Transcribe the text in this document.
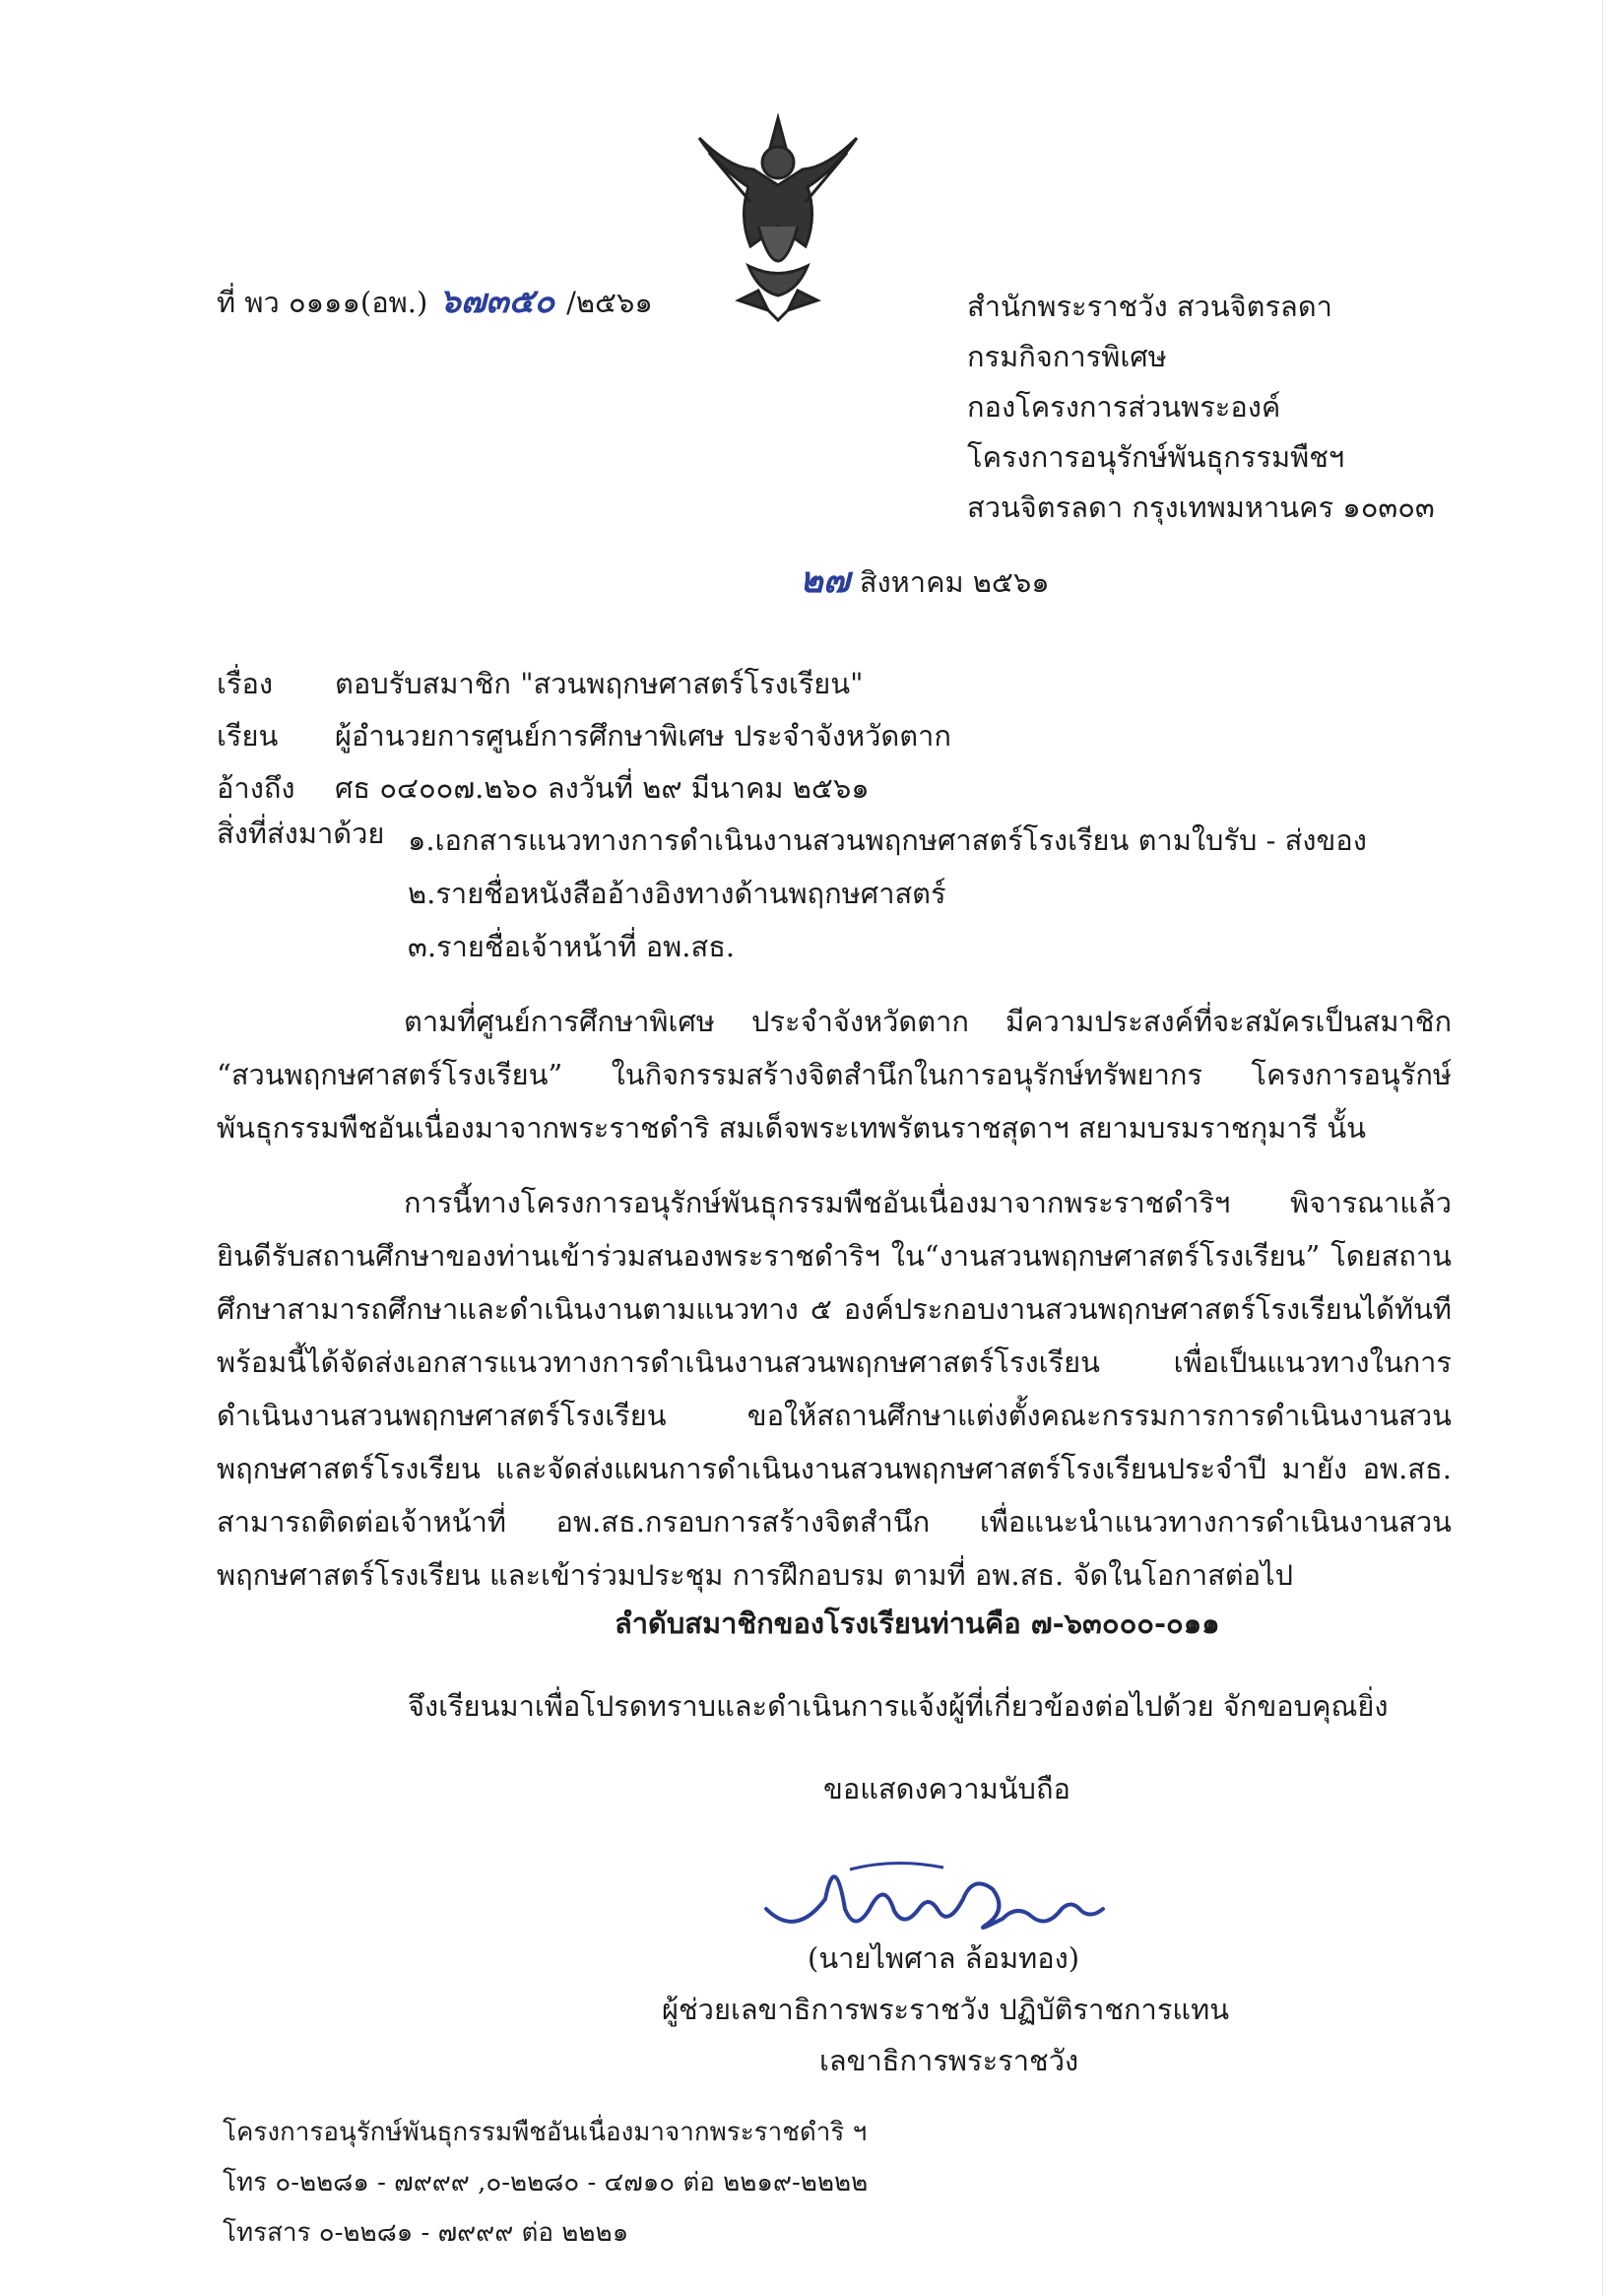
ที่ พว ๐๑๑๑(อพ.) ๖๗๓๕๐ /๒๕๖๑	สำนักพระราชวัง สวนจิตรลดา
กรมกิจการพิเศษ
กองโครงการส่วนพระองค์
โครงการอนุรักษ์พันธุกรรมพืชฯ
สวนจิตรลดา กรุงเทพมหานคร ๑๐๓๐๓
๒๗ สิงหาคม ๒๕๖๑
เรื่อง ตอบรับสมาชิก "สวนพฤกษศาสตร์โรงเรียน"
เรียน ผู้อำนวยการศูนย์การศึกษาพิเศษ ประจำจังหวัดตาก
อ้างถึง ศธ ๐๔๐๐๗.๒๖๐ ลงวันที่ ๒๙ มีนาคม ๒๕๖๑
สิ่งที่ส่งมาด้วย ๑.เอกสารแนวทางการดำเนินงานสวนพฤกษศาสตร์โรงเรียน ตามใบรับ - ส่งของ
๒.รายชื่อหนังสืออ้างอิงทางด้านพฤกษศาสตร์
๓.รายชื่อเจ้าหน้าที่ อพ.สธ.
ตามที่ศูนย์การศึกษาพิเศษ ประจำจังหวัดตาก มีความประสงค์ที่จะสมัครเป็นสมาชิก “สวนพฤกษศาสตร์โรงเรียน” ในกิจกรรมสร้างจิตสำนึกในการอนุรักษ์ทรัพยากร โครงการอนุรักษ์พันธุกรรมพืชอันเนื่องมาจากพระราชดำริ สมเด็จพระเทพรัตนราชสุดาฯ สยามบรมราชกุมารี นั้น
การนี้ทางโครงการอนุรักษ์พันธุกรรมพืชอันเนื่องมาจากพระราชดำริฯ พิจารณาแล้ว ยินดีรับสถานศึกษาของท่านเข้าร่วมสนองพระราชดำริฯ ใน“งานสวนพฤกษศาสตร์โรงเรียน” โดยสถานศึกษาสามารถศึกษาและดำเนินงานตามแนวทาง ๕ องค์ประกอบงานสวนพฤกษศาสตร์โรงเรียนได้ทันที พร้อมนี้ได้จัดส่งเอกสารแนวทางการดำเนินงานสวนพฤกษศาสตร์โรงเรียน เพื่อเป็นแนวทางในการดำเนินงานสวนพฤกษศาสตร์โรงเรียน ขอให้สถานศึกษาแต่งตั้งคณะกรรมการการดำเนินงานสวนพฤกษศาสตร์โรงเรียน และจัดส่งแผนการดำเนินงานสวนพฤกษศาสตร์โรงเรียนประจำปี มายัง อพ.สธ. สามารถติดต่อเจ้าหน้าที่ อพ.สธ.กรอบการสร้างจิตสำนึก เพื่อแนะนำแนวทางการดำเนินงานสวนพฤกษศาสตร์โรงเรียน และเข้าร่วมประชุม การฝึกอบรม ตามที่ อพ.สธ. จัดในโอกาสต่อไป
ลำดับสมาชิกของโรงเรียนท่านคือ ๗-๖๓๐๐๐-๐๑๑
จึงเรียนมาเพื่อโปรดทราบและดำเนินการแจ้งผู้ที่เกี่ยวข้องต่อไปด้วย จักขอบคุณยิ่ง
ขอแสดงความนับถือ
(นายไพศาล ล้อมทอง)
ผู้ช่วยเลขาธิการพระราชวัง ปฏิบัติราชการแทน
เลขาธิการพระราชวัง
โครงการอนุรักษ์พันธุกรรมพืชอันเนื่องมาจากพระราชดำริ ฯ
โทร ๐-๒๒๘๑ - ๗๙๙๙ ,๐-๒๒๘๐ - ๔๗๑๐ ต่อ ๒๒๑๙-๒๒๒๒
โทรสาร ๐-๒๒๘๑ - ๗๙๙๙ ต่อ ๒๒๒๑
